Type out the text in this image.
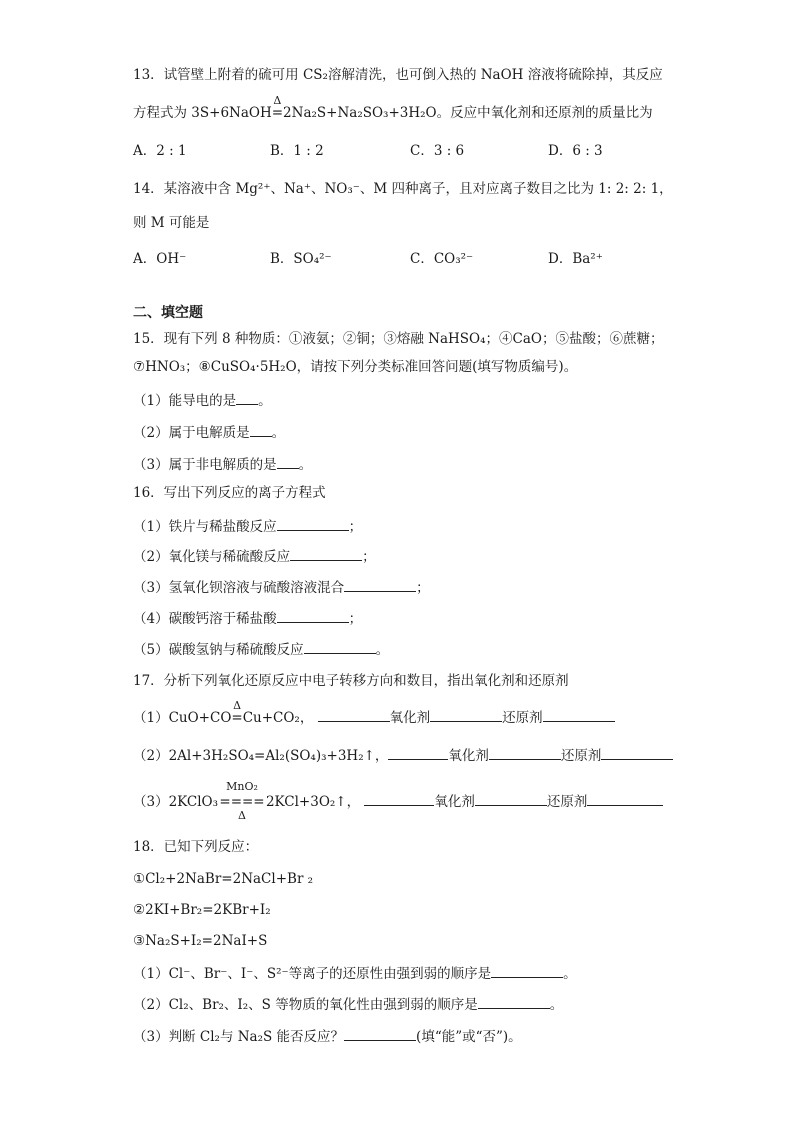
13．试管壁上附着的硫可用 CS₂溶解清洗，也可倒入热的 NaOH 溶液将硫除掉，其反应
方程式为 3S+6NaOH
Δ
=2Na₂S+Na₂SO₃+3H₂O。反应中氧化剂和还原剂的质量比为
A．2 : 1	B．1 : 2	C．3 : 6	D．6 : 3
14．某溶液中含 Mg²⁺、Na⁺、NO₃⁻、M 四种离子，且对应离子数目之比为 1: 2: 2: 1，
则 M 可能是
A．OH⁻	B．SO₄²⁻	C．CO₃²⁻	D．Ba²⁺
二、填空题
15．现有下列 8 种物质：①液氨；②铜；③熔融 NaHSO₄；④CaO；⑤盐酸；⑥蔗糖；
⑦HNO₃；⑧CuSO₄·5H₂O，请按下列分类标准回答问题(填写物质编号)。
（1）能导电的是 。
（2）属于电解质是 。
（3）属于非电解质的是 。
16．写出下列反应的离子方程式
（1）铁片与稀盐酸反应	；
（2）氧化镁与稀硫酸反应	；
（3）氢氧化钡溶液与硫酸溶液混合	；
（4）碳酸钙溶于稀盐酸	；
（5）碳酸氢钠与稀硫酸反应	。
17．分析下列氧化还原反应中电子转移方向和数目，指出氧化剂和还原剂
（1）CuO+CO
Δ
=Cu+CO₂，	氧化剂	还原剂
（2）2Al+3H₂SO₄=Al₂(SO₄)₃+3H₂↑，	氧化剂	还原剂
（3）2KClO₃
MnO₂
 ==== 
Δ
2KCl+3O₂↑，	氧化剂	还原剂
18．已知下列反应：
①Cl₂+2NaBr=2NaCl+Br ₂
②2KI+Br₂=2KBr+I₂
③Na₂S+I₂=2NaI+S
（1）Cl⁻、Br⁻、I⁻、S²⁻等离子的还原性由强到弱的顺序是	。
（2）Cl₂、Br₂、I₂、S 等物质的氧化性由强到弱的顺序是	。
（3）判断 Cl₂与 Na₂S 能否反应？	(填“能”或“否”)。
